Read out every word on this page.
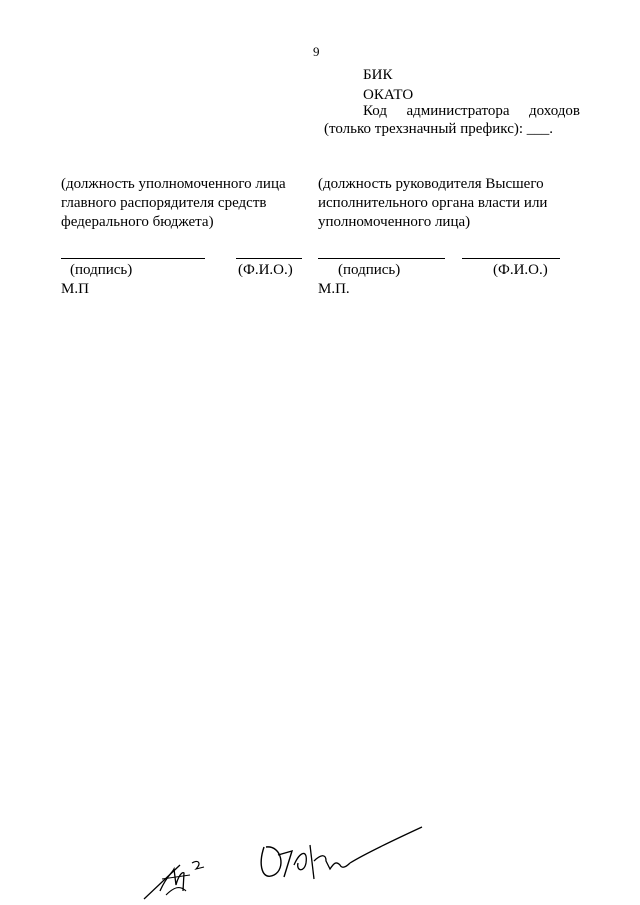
9
БИК
ОКАТО
Код администратора доходов
(только трехзначный префикс): ___.
(должность уполномоченного лица главного распорядителя средств федерального бюджета)
(должность руководителя Высшего исполнительного органа власти или уполномоченного лица)
(подпись)	(Ф.И.О.)	(подпись)	(Ф.И.О.)
М.П	М.П.
